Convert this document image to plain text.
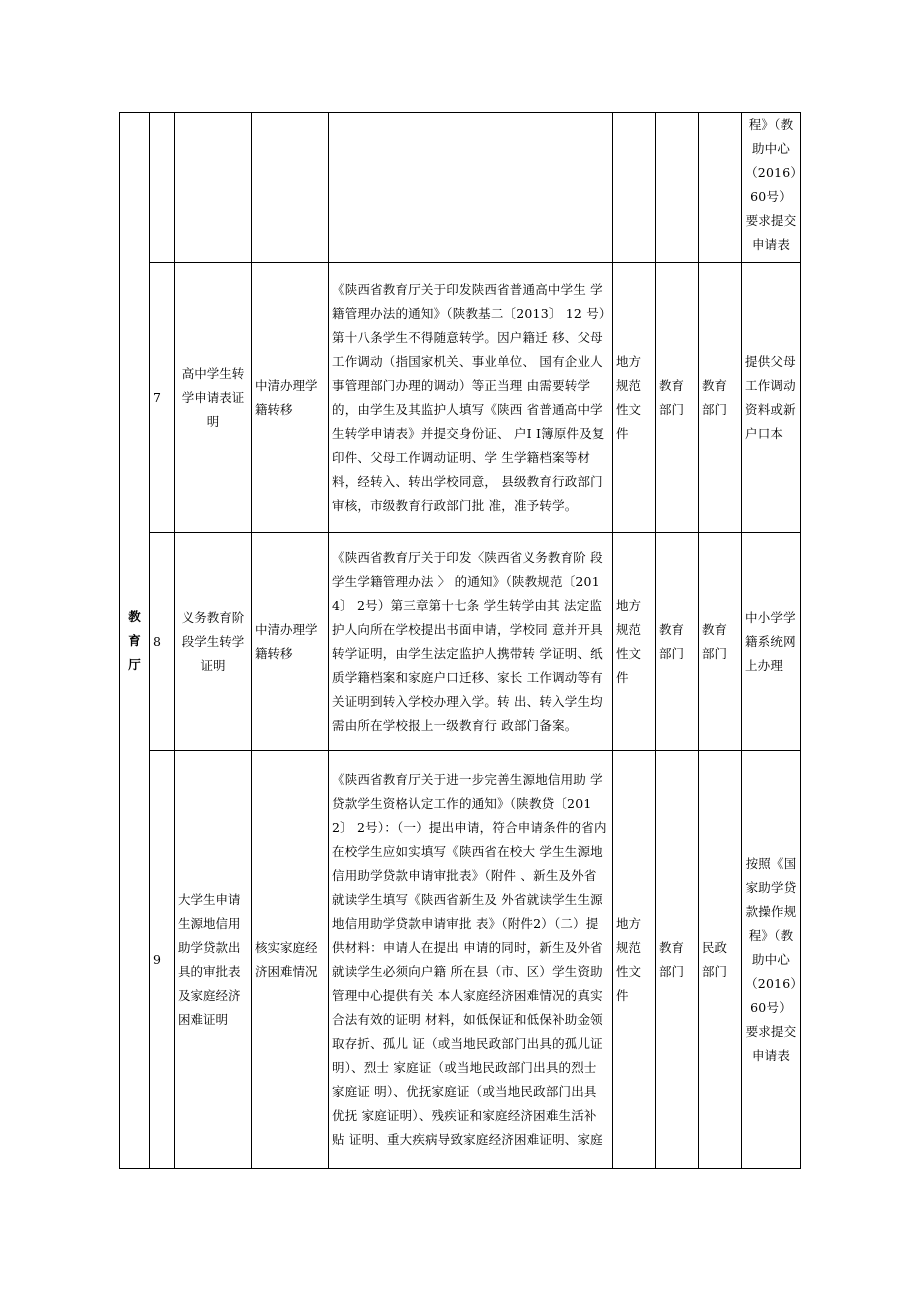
教育厅								程》（教助中心（2016）60号）要求提交申请表
	7	高中学生转学申请表证明	中清办理学籍转移	《陕西省教育厅关于印发陕西省普通高中学生 学籍管理办法的通知》（陕教基二〔2013〕 12 号）第十八条学生不得随意转学。因户籍迁 移、父母工作调动（指国家机关、事业单位、 国有企业人事管理部门办理的调动）等正当理 由需要转学的，由学生及其监护人填写《陕西 省普通高中学生转学申请表》并提交身份证、 户I I簿原件及复印件、父母工作调动证明、学 生学籍档案等材料，经转入、转出学校同意， 县级教育行政部门审核，市级教育行政部门批 准，准予转学。	地方规范性文件	教育部门	教育部门	提供父母工作调动资料或新户口本
	8	义务教育阶段学生转学证明	中清办理学籍转移	《陕西省教育厅关于印发〈陕西省义务教育阶 段学生学籍管理办法 〉 的通知》（陕教规范〔2014〕 2号）第三章第十七条 学生转学由其 法定监护人向所在学校提出书面申请，学校同 意并开具转学证明，由学生法定监护人携带转 学证明、纸质学籍档案和家庭户口迁移、家长 工作调动等有关证明到转入学校办理入学。转 出、转入学生均需由所在学校报上一级教育行 政部门备案。	地方规范性文件	教育部门	教育部门	中小学学籍系统网上办理
	9	大学生申请生源地信用助学贷款出具的审批表及家庭经济困难证明	核实家庭经济困难情况	《陕西省教育厅关于进一步完善生源地信用助 学贷款学生资格认定工作的通知》（陕教贷〔2012〕 2号）：（一）提出申请，符合申请条件的省内在校学生应如实填写《陕西省在校大 学生生源地信用助学贷款申请审批表》（附件 、新生及外省就读学生填写《陕西省新生及 外省就读学生生源地信用助学贷款申请审批 表》（附件2）（二）提供材料：申请人在提出 申请的同时，新生及外省就读学生必须向户籍 所在县（市、区）学生资助管理中心提供有关 本人家庭经济困难情况的真实合法有效的证明 材料，如低保证和低保补助金领取存折、孤儿 证（或当地民政部门出具的孤儿证明）、烈士 家庭证（或当地民政部门出具的烈士家庭证 明）、优抚家庭证（或当地民政部门出具优抚 家庭证明）、残疾证和家庭经济困难生活补贴 证明、重大疾病导致家庭经济困难证明、家庭	地方规范性文件	教育部门	民政部门	按照《国家助学贷款操作规程》（教助中心（2016）60号）要求提交申请表
